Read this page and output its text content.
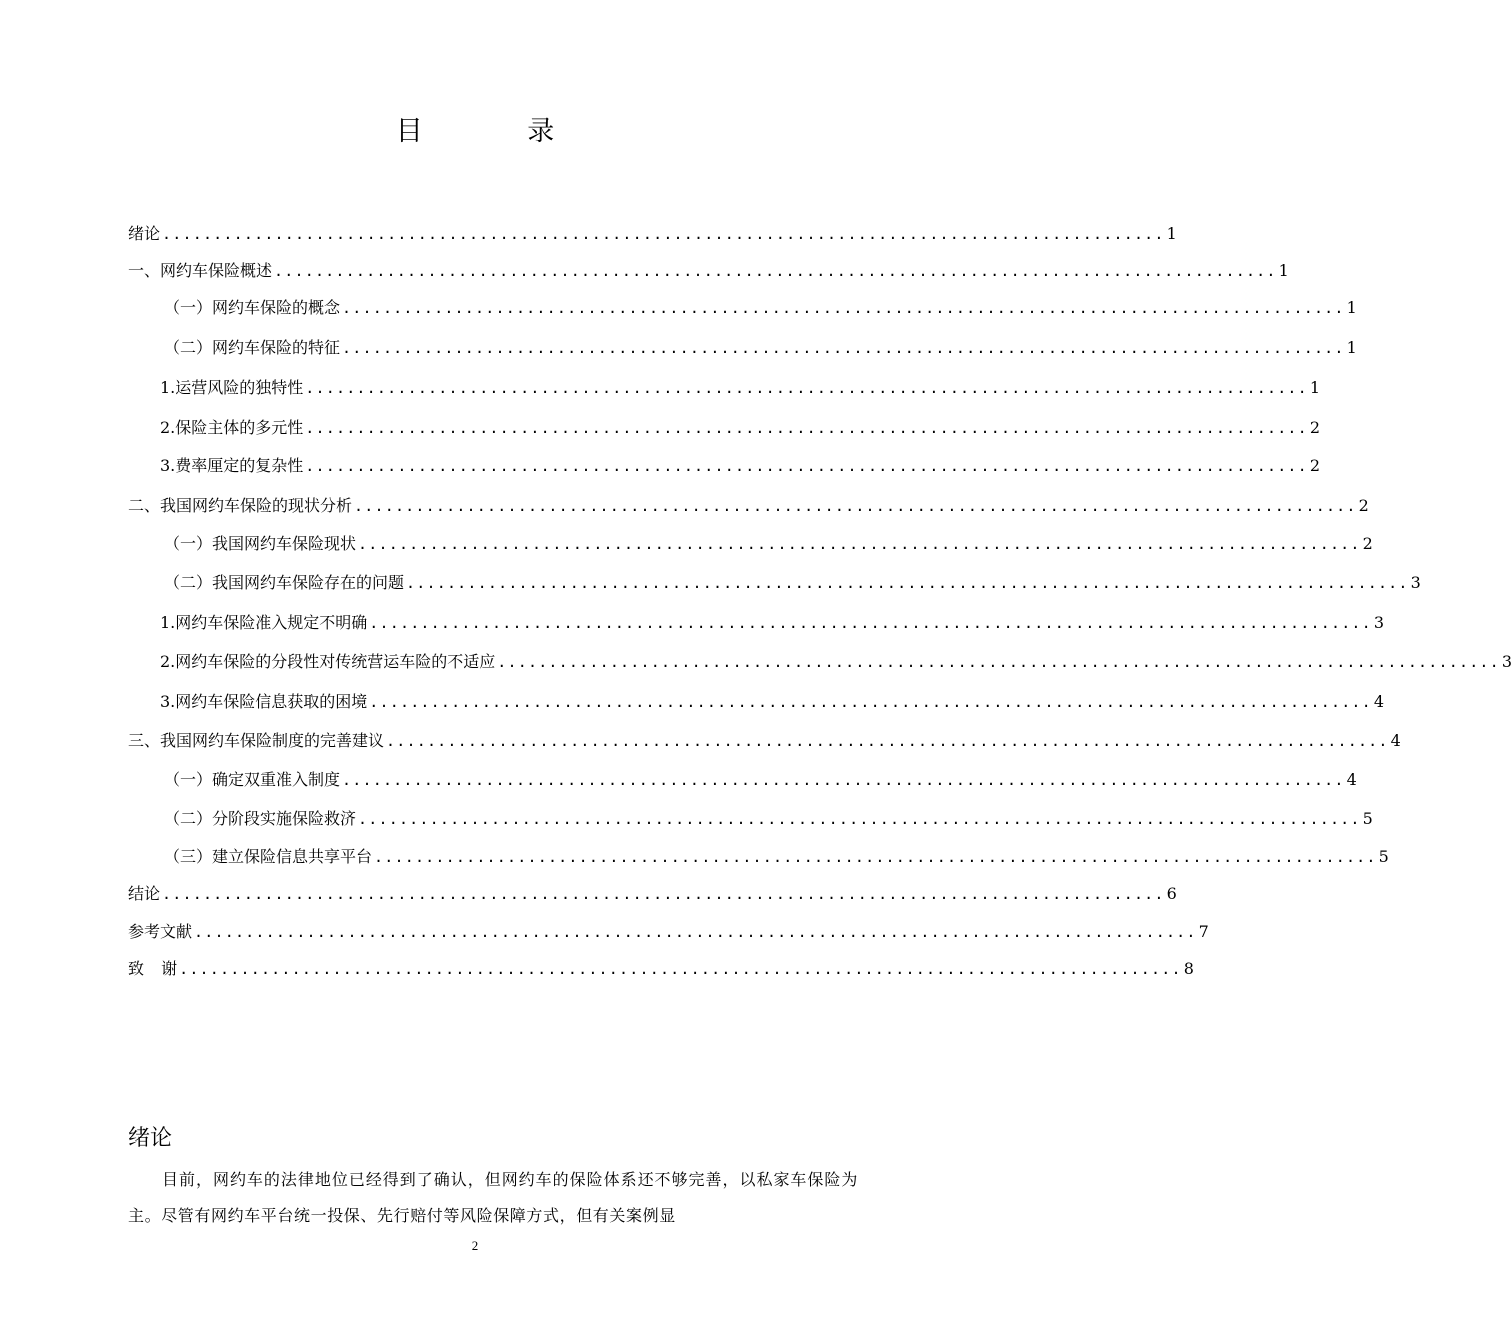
目 录
绪论 .................................................................................................. 1
一、网约车保险概述 .................................................................................................. 1
（一）网约车保险的概念 .................................................................................................. 1
（二）网约车保险的特征 .................................................................................................. 1
1.运营风险的独特性 .................................................................................................. 1
2.保险主体的多元性 .................................................................................................. 2
3.费率厘定的复杂性 .................................................................................................. 2
二、我国网约车保险的现状分析 .................................................................................................. 2
（一）我国网约车保险现状 .................................................................................................. 2
（二）我国网约车保险存在的问题 .................................................................................................. 3
1.网约车保险准入规定不明确 .................................................................................................. 3
2.网约车保险的分段性对传统营运车险的不适应 .................................................................................................. 3
3.网约车保险信息获取的困境 .................................................................................................. 4
三、我国网约车保险制度的完善建议 .................................................................................................. 4
（一）确定双重准入制度 .................................................................................................. 4
（二）分阶段实施保险救济 .................................................................................................. 5
（三）建立保险信息共享平台 .................................................................................................. 5
结论 .................................................................................................. 6
参考文献 .................................................................................................. 7
致 谢 .................................................................................................. 8
绪论
目前，网约车的法律地位已经得到了确认，但网约车的保险体系还不够完善，以私家车保险为主。尽管有网约车平台统一投保、先行赔付等风险保障方式，但有关案例显
2
